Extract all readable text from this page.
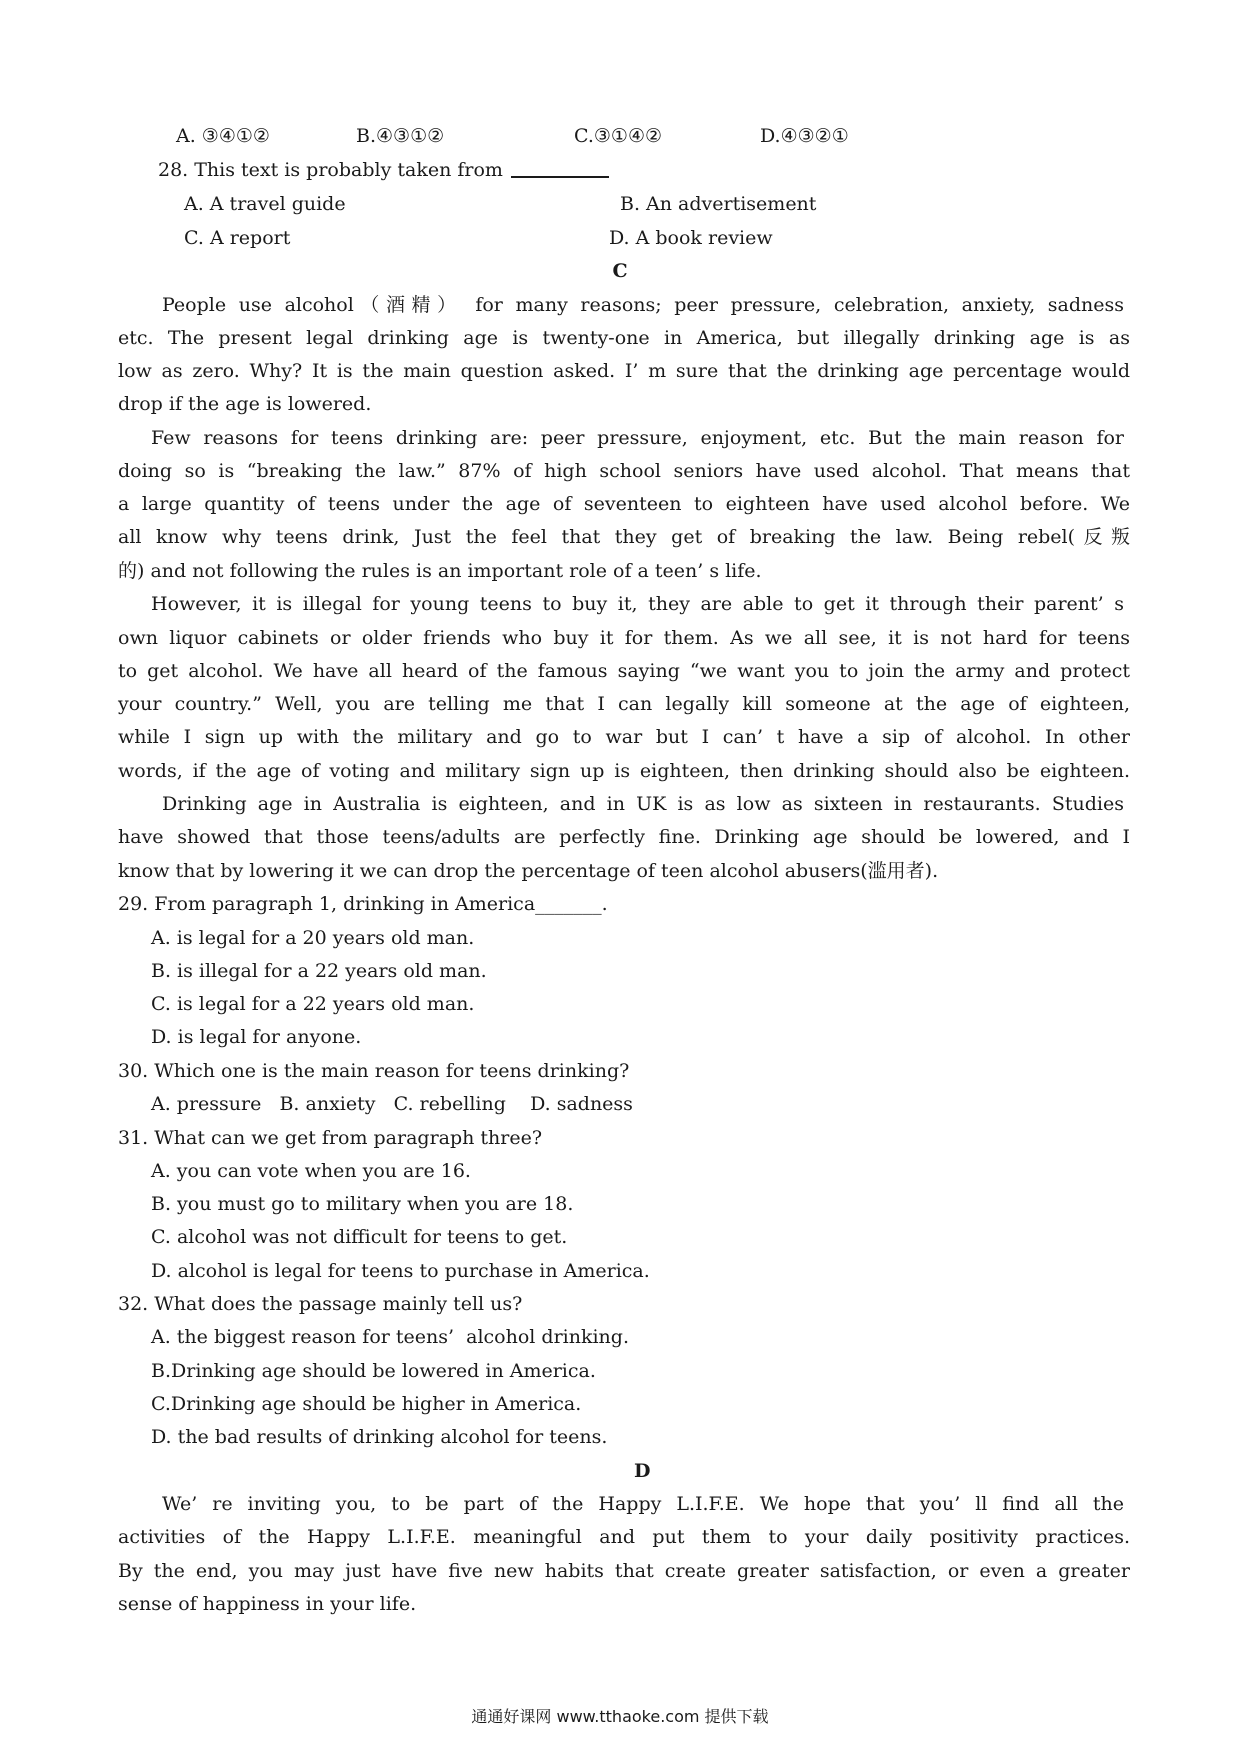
A. ③④①②	B.④③①②	C.③①④②	D.④③②①
28. This text is probably taken from
A. A travel guide	B. An advertisement
C. A report	D. A book review
C
People use alcohol（酒精） for many reasons; peer pressure, celebration, anxiety, sadness
etc. The present legal drinking age is twenty-one in America, but illegally drinking age is as
low as zero. Why? It is the main question asked. I’ m sure that the drinking age percentage would
drop if the age is lowered.
Few reasons for teens drinking are: peer pressure, enjoyment, etc. But the main reason for
doing so is “breaking the law.” 87% of high school seniors have used alcohol. That means that
a large quantity of teens under the age of seventeen to eighteen have used alcohol before. We
all know why teens drink, Just the feel that they get of breaking the law. Being rebel(反叛
的) and not following the rules is an important role of a teen’ s life.
However, it is illegal for young teens to buy it, they are able to get it through their parent’ s
own liquor cabinets or older friends who buy it for them. As we all see, it is not hard for teens
to get alcohol. We have all heard of the famous saying “we want you to join the army and protect
your country.” Well, you are telling me that I can legally kill someone at the age of eighteen,
while I sign up with the military and go to war but I can’ t have a sip of alcohol. In other
words, if the age of voting and military sign up is eighteen, then drinking should also be eighteen.
Drinking age in Australia is eighteen, and in UK is as low as sixteen in restaurants. Studies
have showed that those teens/adults are perfectly fine. Drinking age should be lowered, and I
know that by lowering it we can drop the percentage of teen alcohol abusers(滥用者).
29. From paragraph 1, drinking in America_______.
A. is legal for a 20 years old man.
B. is illegal for a 22 years old man.
C. is legal for a 22 years old man.
D. is legal for anyone.
30. Which one is the main reason for teens drinking?
A. pressure   B. anxiety   C. rebelling    D. sadness
31. What can we get from paragraph three?
A. you can vote when you are 16.
B. you must go to military when you are 18.
C. alcohol was not difficult for teens to get.
D. alcohol is legal for teens to purchase in America.
32. What does the passage mainly tell us?
A. the biggest reason for teens’  alcohol drinking.
B.Drinking age should be lowered in America.
C.Drinking age should be higher in America.
D. the bad results of drinking alcohol for teens.
D
We’ re inviting you, to be part of the Happy L.I.F.E. We hope that you’ ll find all the
activities of the Happy L.I.F.E. meaningful and put them to your daily positivity practices.
By the end, you may just have five new habits that create greater satisfaction, or even a greater
sense of happiness in your life.
通通好课网 www.tthaoke.com 提供下载
